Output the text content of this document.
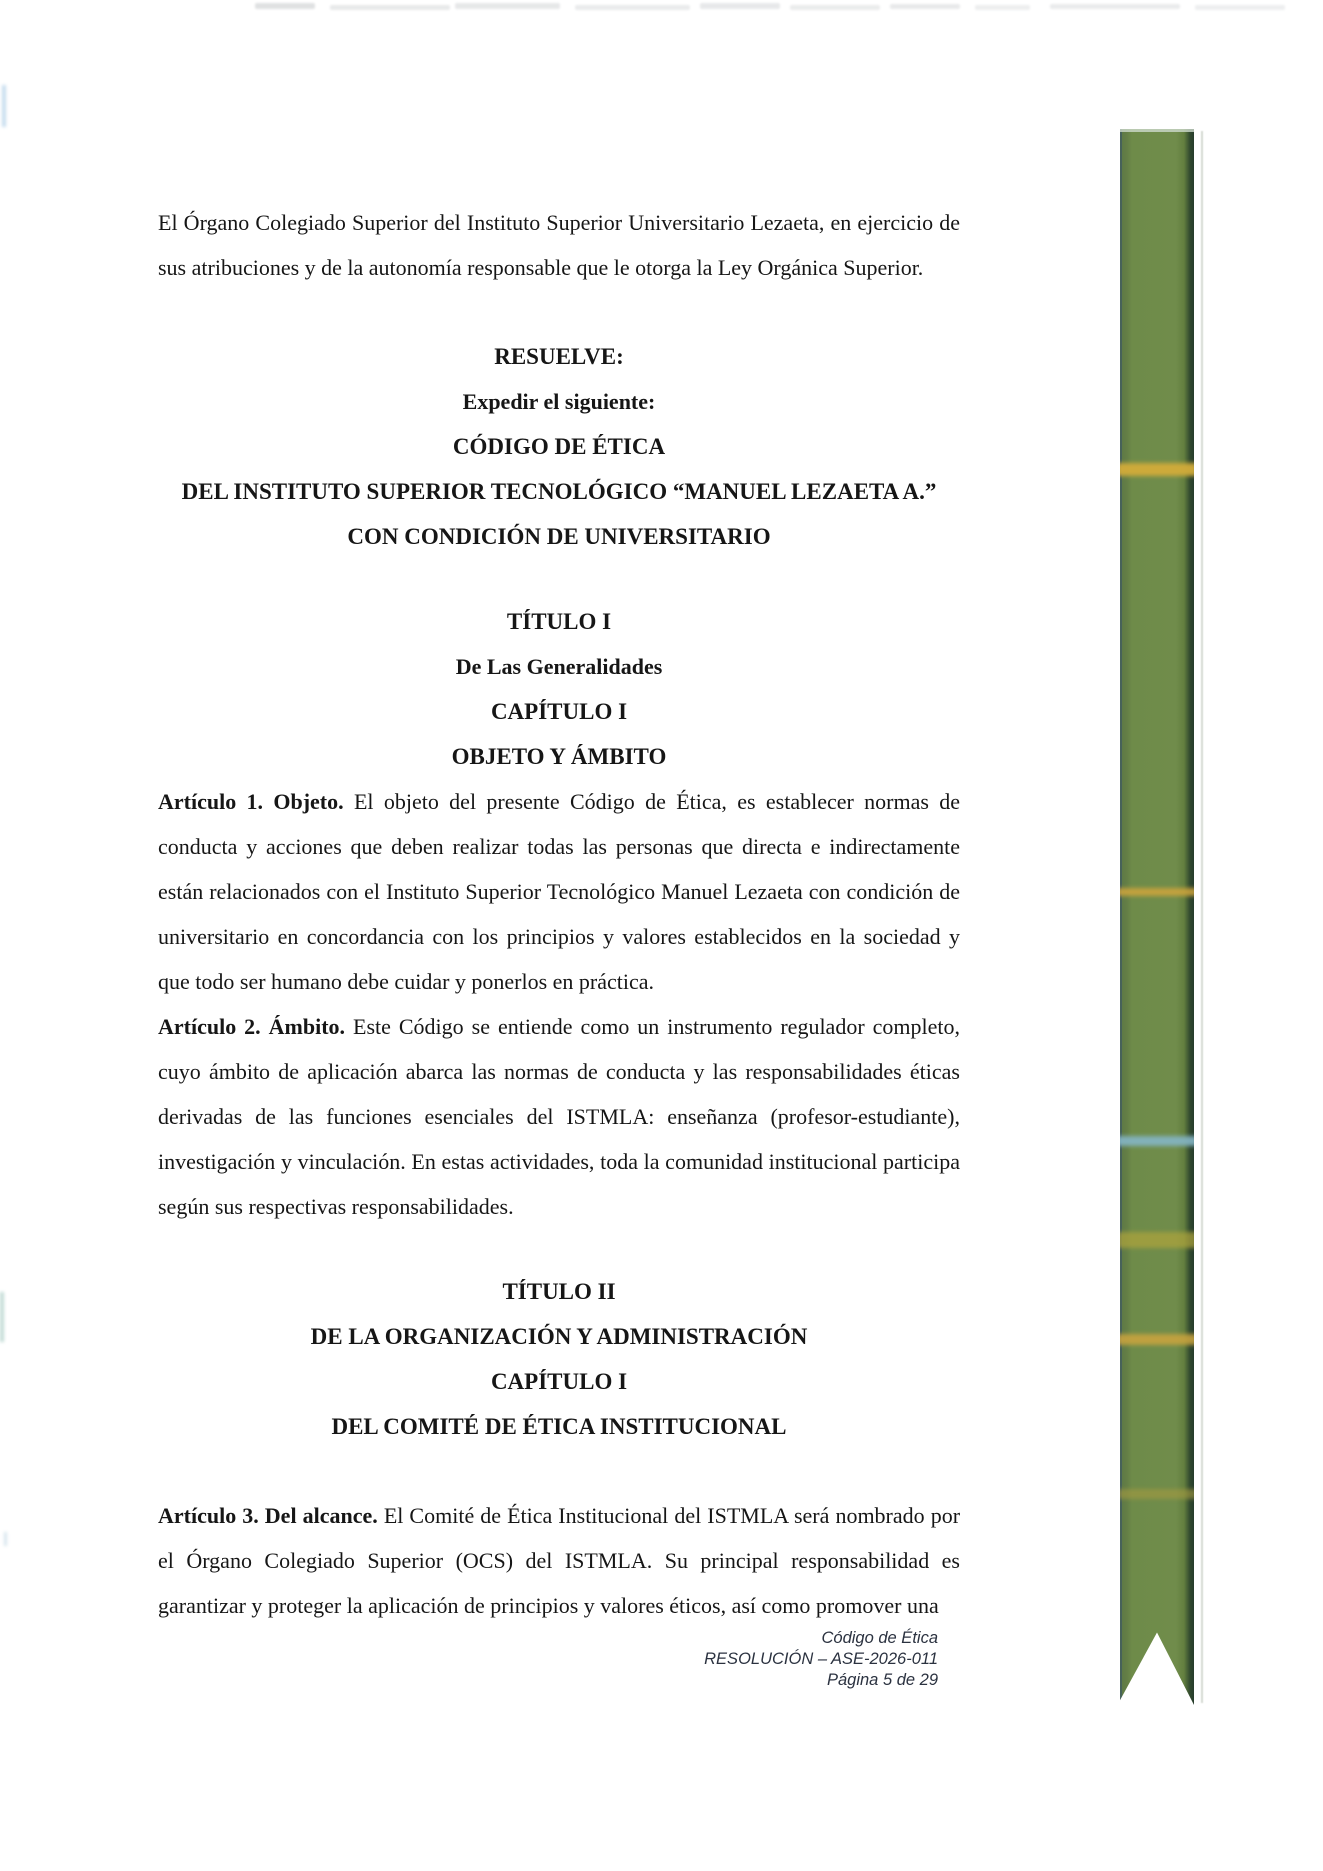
El Órgano Colegiado Superior del Instituto Superior Universitario Lezaeta, en ejercicio de sus atribuciones y de la autonomía responsable que le otorga la Ley Orgánica Superior.

RESUELVE:
Expedir el siguiente:
CÓDIGO DE ÉTICA
DEL INSTITUTO SUPERIOR TECNOLÓGICO “MANUEL LEZAETA A.”
CON CONDICIÓN DE UNIVERSITARIO
TÍTULO I
De Las Generalidades
CAPÍTULO I
OBJETO Y ÁMBITO

Artículo 1. Objeto. El objeto del presente Código de Ética, es establecer normas de conducta y acciones que deben realizar todas las personas que directa e indirectamente están relacionados con el Instituto Superior Tecnológico Manuel Lezaeta con condición de universitario en concordancia con los principios y valores establecidos en la sociedad y que todo ser humano debe cuidar y ponerlos en práctica.

Artículo 2. Ámbito. Este Código se entiende como un instrumento regulador completo, cuyo ámbito de aplicación abarca las normas de conducta y las responsabilidades éticas derivadas de las funciones esenciales del ISTMLA: enseñanza (profesor-estudiante), investigación y vinculación. En estas actividades, toda la comunidad institucional participa según sus respectivas responsabilidades.

TÍTULO II
DE LA ORGANIZACIÓN Y ADMINISTRACIÓN
CAPÍTULO I
DEL COMITÉ DE ÉTICA INSTITUCIONAL

Artículo 3. Del alcance. El Comité de Ética Institucional del ISTMLA será nombrado por el Órgano Colegiado Superior (OCS) del ISTMLA. Su principal responsabilidad es garantizar y proteger la aplicación de principios y valores éticos, así como promover una

Código de Ética
RESOLUCIÓN – ASE-2026-011
Página 5 de 29
